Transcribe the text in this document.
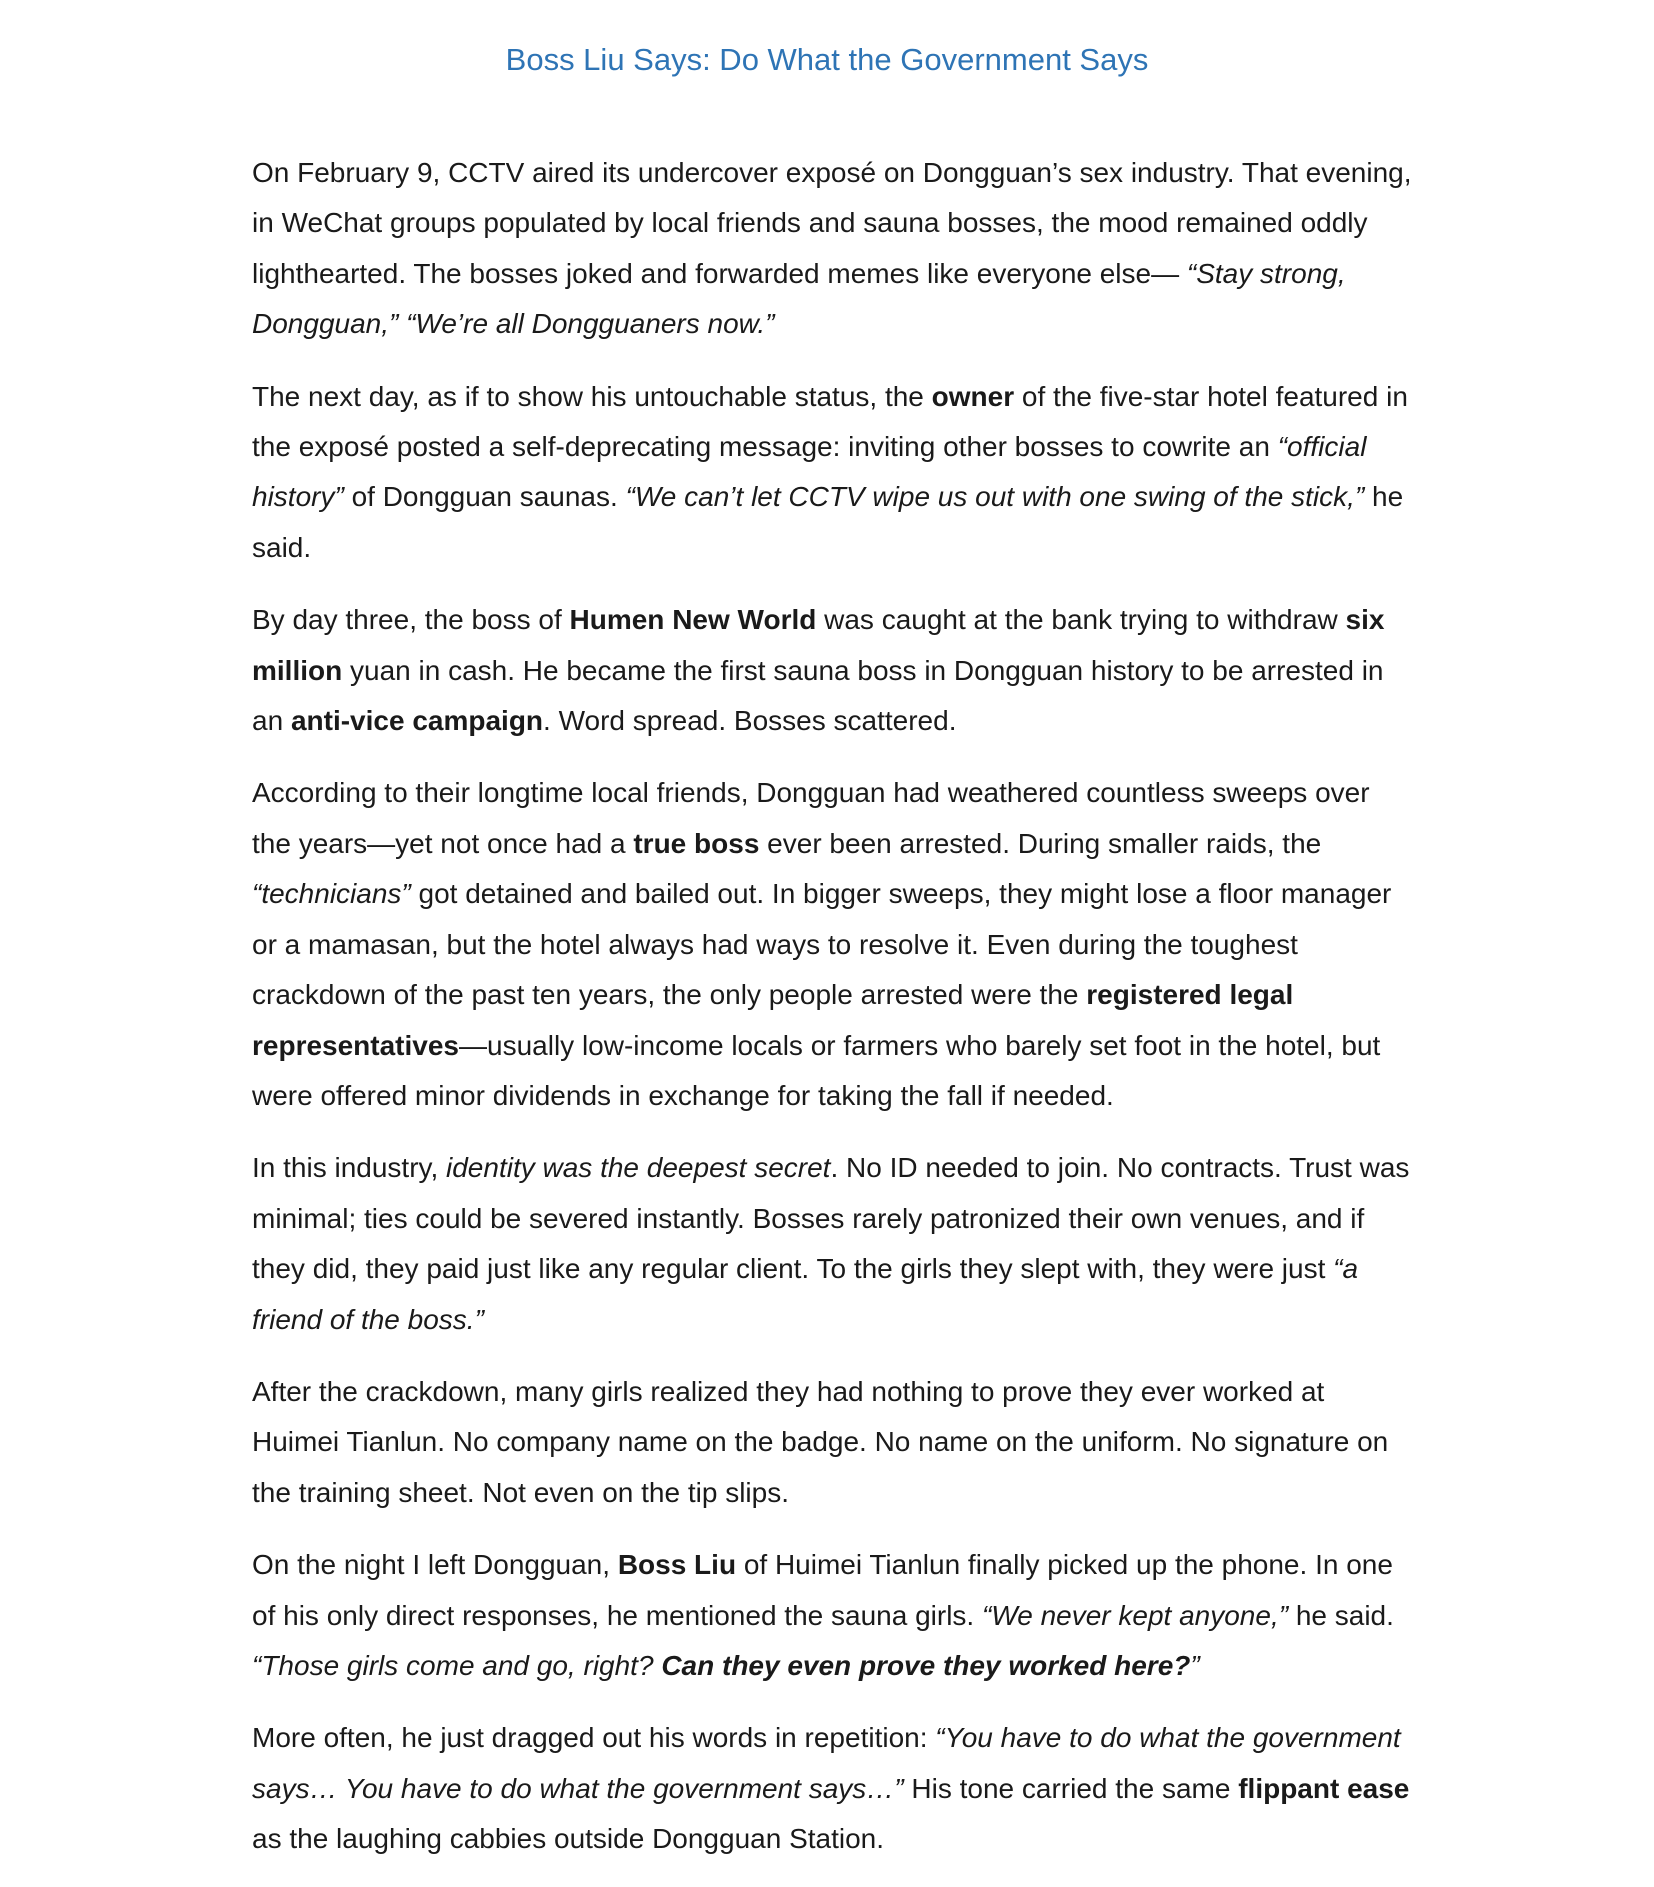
Boss Liu Says: Do What the Government Says

On February 9, CCTV aired its undercover exposé on Dongguan’s sex industry. That evening, in WeChat groups populated by local friends and sauna bosses, the mood remained oddly lighthearted. The bosses joked and forwarded memes like everyone else— “Stay strong, Dongguan,” “We’re all Dongguaners now.”

The next day, as if to show his untouchable status, the owner of the five-star hotel featured in the exposé posted a self-deprecating message: inviting other bosses to cowrite an “official history” of Dongguan saunas. “We can’t let CCTV wipe us out with one swing of the stick,” he said.

By day three, the boss of Humen New World was caught at the bank trying to withdraw six million yuan in cash. He became the first sauna boss in Dongguan history to be arrested in an anti-vice campaign. Word spread. Bosses scattered.

According to their longtime local friends, Dongguan had weathered countless sweeps over the years—yet not once had a true boss ever been arrested. During smaller raids, the “technicians” got detained and bailed out. In bigger sweeps, they might lose a floor manager or a mamasan, but the hotel always had ways to resolve it. Even during the toughest crackdown of the past ten years, the only people arrested were the registered legal representatives—usually low-income locals or farmers who barely set foot in the hotel, but were offered minor dividends in exchange for taking the fall if needed.

In this industry, identity was the deepest secret. No ID needed to join. No contracts. Trust was minimal; ties could be severed instantly. Bosses rarely patronized their own venues, and if they did, they paid just like any regular client. To the girls they slept with, they were just “a friend of the boss.”

After the crackdown, many girls realized they had nothing to prove they ever worked at Huimei Tianlun. No company name on the badge. No name on the uniform. No signature on the training sheet. Not even on the tip slips.

On the night I left Dongguan, Boss Liu of Huimei Tianlun finally picked up the phone. In one of his only direct responses, he mentioned the sauna girls. “We never kept anyone,” he said. “Those girls come and go, right? Can they even prove they worked here?”

More often, he just dragged out his words in repetition: “You have to do what the government says… You have to do what the government says…” His tone carried the same flippant ease as the laughing cabbies outside Dongguan Station.
